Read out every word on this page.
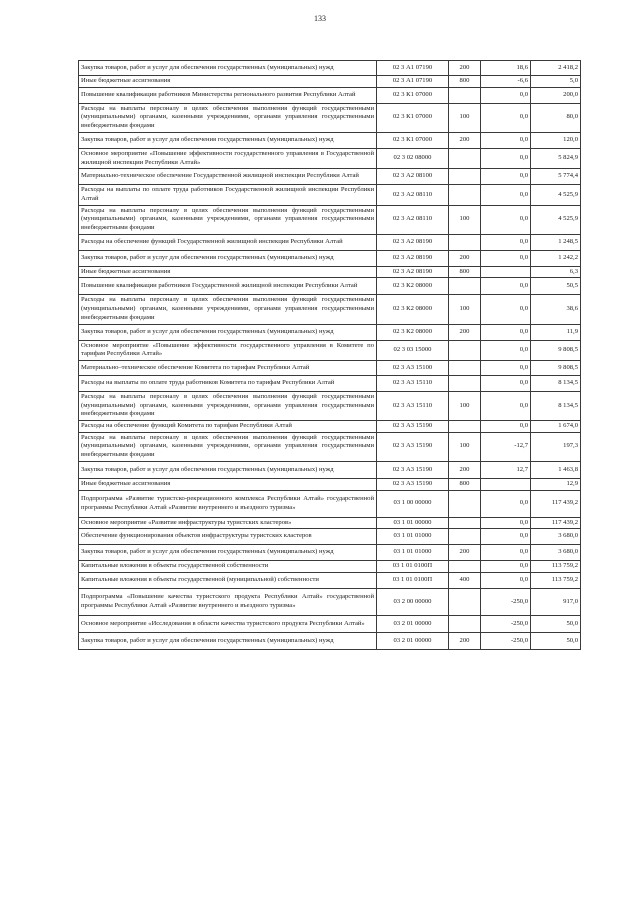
133
Закупка товаров, работ и услуг для обеспечения государственных (муниципальных) нужд	02 3 А1 07190	200	18,6	2 418,2
Иные бюджетные ассигнования	02 3 А1 07190	800	-6,6	5,0
Повышение квалификации работников Министерства регионального развития Республики Алтай	02 3 К1 07000		0,0	200,0
Расходы на выплаты персоналу в целях обеспечения выполнения функций государственными (муниципальными) органами, казенными учреждениями, органами управления государственными внебюджетными фондами	02 3 К1 07000	100	0,0	80,0
Закупка товаров, работ и услуг для обеспечения государственных (муниципальных) нужд	02 3 К1 07000	200	0,0	120,0
Основное мероприятие «Повышение эффективности государственного управления в Государственной жилищной инспекции Республики Алтай»	02 3 02 08000		0,0	5 824,9
Материально-техническое обеспечение Государственной жилищной инспекции Республики Алтай	02 3 А2 08100		0,0	5 774,4
Расходы на выплаты по оплате труда работников Государственной жилищной инспекции Республики Алтай	02 3 А2 08110		0,0	4 525,9
Расходы на выплаты персоналу в целях обеспечения выполнения функций государственными (муниципальными) органами, казенными учреждениями, органами управления государственными внебюджетными фондами	02 3 А2 08110	100	0,0	4 525,9
Расходы на обеспечение функций Государственной жилищной инспекции Республики Алтай	02 3 А2 08190		0,0	1 248,5
Закупка товаров, работ и услуг для обеспечения государственных (муниципальных) нужд	02 3 А2 08190	200	0,0	1 242,2
Иные бюджетные ассигнования	02 3 А2 08190	800		6,3
Повышение квалификации работников Государственной жилищной инспекции Республики Алтай	02 3 К2 08000		0,0	50,5
Расходы на выплаты персоналу в целях обеспечения выполнения функций государственными (муниципальными) органами, казенными учреждениями, органами управления государственными внебюджетными фондами	02 3 К2 08000	100	0,0	38,6
Закупка товаров, работ и услуг для обеспечения государственных (муниципальных) нужд	02 3 К2 08000	200	0,0	11,9
Основное мероприятие «Повышение эффективности государственного управления в Комитете по тарифам Республики Алтай»	02 3 03 15000		0,0	9 808,5
Материально–техническое обеспечение Комитета по тарифам Республики Алтай	02 3 А3 15100		0,0	9 808,5
Расходы на выплаты по оплате труда работников Комитета по тарифам Республики Алтай	02 3 А3 15110		0,0	8 134,5
Расходы на выплаты персоналу в целях обеспечения выполнения функций государственными (муниципальными) органами, казенными учреждениями, органами управления государственными внебюджетными фондами	02 3 А3 15110	100	0,0	8 134,5
Расходы на обеспечение функций Комитета по тарифам Республики Алтай	02 3 А3 15190		0,0	1 674,0
Расходы на выплаты персоналу в целях обеспечения выполнения функций государственными (муниципальными) органами, казенными учреждениями, органами управления государственными внебюджетными фондами	02 3 А3 15190	100	-12,7	197,3
Закупка товаров, работ и услуг для обеспечения государственных (муниципальных) нужд	02 3 А3 15190	200	12,7	1 463,8
Иные бюджетные ассигнования	02 3 А3 15190	800		12,9
Подпрограмма «Развитие туристско-рекреационного комплекса Республики Алтай» государственной программы Республики Алтай «Развитие внутреннего и въездного туризма»	03 1 00 00000		0,0	117 439,2
Основное мероприятие «Развитие инфраструктуры туристских кластеров»	03 1 01 00000		0,0	117 439,2
Обеспечение функционирования объектов инфраструктуры туристских кластеров	03 1 01 01000		0,0	3 680,0
Закупка товаров, работ и услуг для обеспечения государственных (муниципальных) нужд	03 1 01 01000	200	0,0	3 680,0
Капитальные вложения в объекты государственной собственности	03 1 01 0100П		0,0	113 759,2
Капитальные вложения в объекты государственной (муниципальной) собственности	03 1 01 0100П	400	0,0	113 759,2
Подпрограмма «Повышение качества туристского продукта Республики Алтай» государственной программы Республики Алтай «Развитие внутреннего и въездного туризма»	03 2 00 00000		-250,0	917,0
Основное мероприятие «Исследования в области качества туристского продукта Республики Алтай»	03 2 01 00000		-250,0	50,0
Закупка товаров, работ и услуг для обеспечения государственных (муниципальных) нужд	03 2 01 00000	200	-250,0	50,0
